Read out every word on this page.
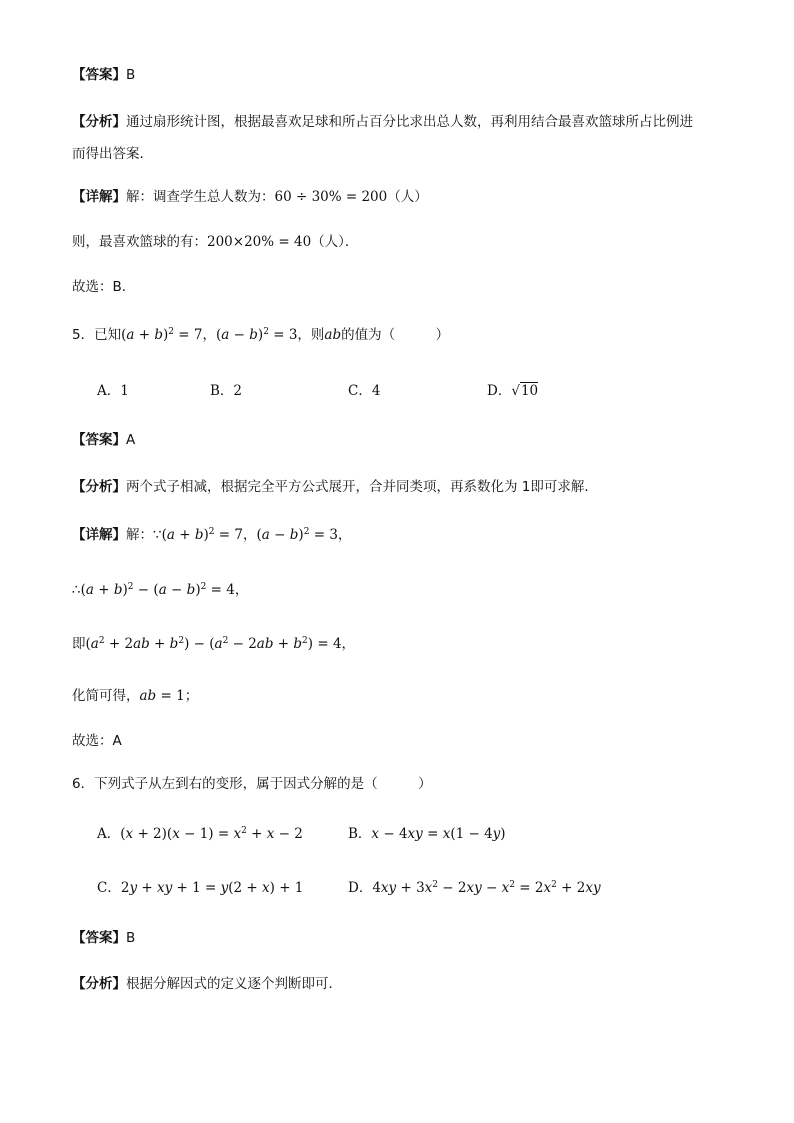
【答案】B
【分析】通过扇形统计图，根据最喜欢足球和所占百分比求出总人数，再利用结合最喜欢篮球所占比例进
而得出答案．
【详解】解：调查学生总人数为：60 ÷ 30% = 200（人）
则，最喜欢篮球的有：200×20% = 40（人）．
故选：B．
5．已知$(a + b)^2 = 7$，$(a - b)^2 = 3$，则ab的值为（　　　）
A．1	B．2	C．4	D．√10
【答案】A
【分析】两个式子相减，根据完全平方公式展开，合并同类项，再系数化为 1即可求解．
【详解】解：∵(a + b)$^2$ = 7，$(a - b)^2 = 3$，
∴(a + $b)^2 - (a - b)^2 = 4$，
即$(a^2 + 2ab + b^2) - (a^2 - 2ab + b^2) = 4$，
化简可得，ab = 1；
故选：A
6．下列式子从左到右的变形，属于因式分解的是（　　　）
A．$(x + 2)(x - 1) = x^2 + x - 2$	B．x − 4xy = x(1 − 4y)
C．2y + xy + 1 = y(2 + x) + 1	D．$4xy + 3x^2 - 2xy - x^2 = 2x^2 + 2xy$
【答案】B
【分析】根据分解因式的定义逐个判断即可．
